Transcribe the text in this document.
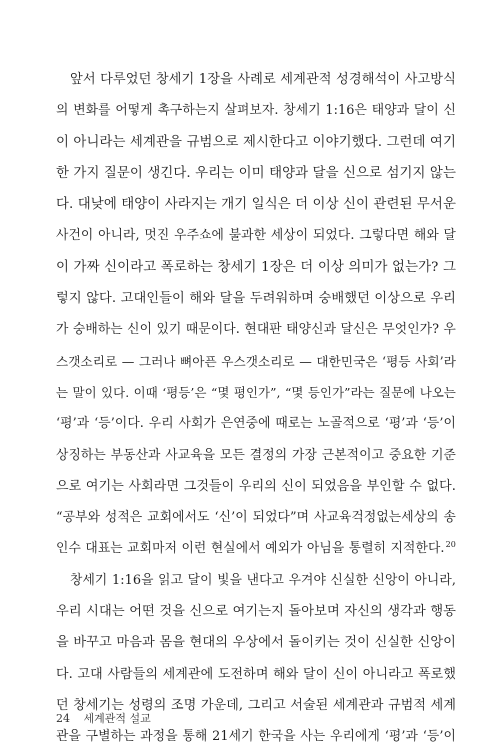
앞서 다루었던 창세기 1장을 사례로 세계관적 성경해석이 사고방식
의 변화를 어떻게 촉구하는지 살펴보자. 창세기 1:16은 태양과 달이 신
이 아니라는 세계관을 규범으로 제시한다고 이야기했다. 그런데 여기
한 가지 질문이 생긴다. 우리는 이미 태양과 달을 신으로 섬기지 않는
다. 대낮에 태양이 사라지는 개기 일식은 더 이상 신이 관련된 무서운
사건이 아니라, 멋진 우주쇼에 불과한 세상이 되었다. 그렇다면 해와 달
이 가짜 신이라고 폭로하는 창세기 1장은 더 이상 의미가 없는가? 그
렇지 않다. 고대인들이 해와 달을 두려워하며 숭배했던 이상으로 우리
가 숭배하는 신이 있기 때문이다. 현대판 태양신과 달신은 무엇인가? 우
스갯소리로 — 그러나 뼈아픈 우스갯소리로 — 대한민국은 ‘평등 사회’라
는 말이 있다. 이때 ‘평등’은 “몇 평인가”, “몇 등인가”라는 질문에 나오는
‘평’과 ‘등’이다. 우리 사회가 은연중에 때로는 노골적으로 ‘평’과 ‘등’이
상징하는 부동산과 사교육을 모든 결정의 가장 근본적이고 중요한 기준
으로 여기는 사회라면 그것들이 우리의 신이 되었음을 부인할 수 없다.
“공부와 성적은 교회에서도 ‘신’이 되었다”며 사교육걱정없는세상의 송
인수 대표는 교회마저 이런 현실에서 예외가 아님을 통렬히 지적한다.$^{20}$
창세기 1:16을 읽고 달이 빛을 낸다고 우겨야 신실한 신앙이 아니라,
우리 시대는 어떤 것을 신으로 여기는지 돌아보며 자신의 생각과 행동
을 바꾸고 마음과 몸을 현대의 우상에서 돌이키는 것이 신실한 신앙이
다. 고대 사람들의 세계관에 도전하며 해와 달이 신이 아니라고 폭로했
던 창세기는 성령의 조명 가운데, 그리고 서술된 세계관과 규범적 세계
관을 구별하는 과정을 통해 21세기 한국을 사는 우리에게 ‘평’과 ‘등’이
24 세계관적 설교
